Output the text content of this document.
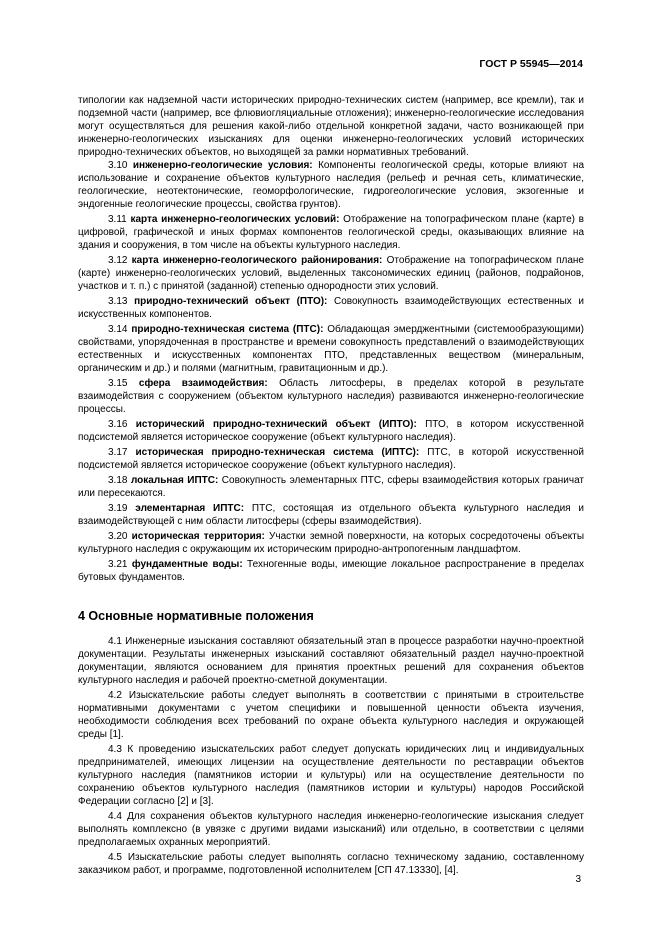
ГОСТ Р 55945—2014

типологии как надземной части исторических природно-технических систем (например, все кремли), так и подземной части (например, все флювиогляциальные отложения); инженерно-геологические исследования могут осуществляться для решения какой-либо отдельной конкретной задачи, часто возникающей при инженерно-геологических изысканиях для оценки инженерно-геологических условий исторических природно-технических объектов, но выходящей за рамки нормативных требований.

3.10 инженерно-геологические условия: Компоненты геологической среды, которые влияют на использование и сохранение объектов культурного наследия (рельеф и речная сеть, климатические, геологические, неотектонические, геоморфологические, гидрогеологические условия, экзогенные и эндогенные геологические процессы, свойства грунтов).

3.11 карта инженерно-геологических условий: Отображение на топографическом плане (карте) в цифровой, графической и иных формах компонентов геологической среды, оказывающих влияние на здания и сооружения, в том числе на объекты культурного наследия.

3.12 карта инженерно-геологического районирования: Отображение на топографическом плане (карте) инженерно-геологических условий, выделенных таксономических единиц (районов, подрайонов, участков и т. п.) с принятой (заданной) степенью однородности этих условий.

3.13 природно-технический объект (ПТО): Совокупность взаимодействующих естественных и искусственных компонентов.

3.14 природно-техническая система (ПТС): Обладающая эмерджентными (системообразующими) свойствами, упорядоченная в пространстве и времени совокупность представлений о взаимодействующих естественных и искусственных компонентах ПТО, представленных веществом (минеральным, органическим и др.) и полями (магнитным, гравитационным и др.).

3.15 сфера взаимодействия: Область литосферы, в пределах которой в результате взаимодействия с сооружением (объектом культурного наследия) развиваются инженерно-геологические процессы.

3.16 исторический природно-технический объект (ИПТО): ПТО, в котором искусственной подсистемой является историческое сооружение (объект культурного наследия).

3.17 историческая природно-техническая система (ИПТС): ПТС, в которой искусственной подсистемой является историческое сооружение (объект культурного наследия).

3.18 локальная ИПТС: Совокупность элементарных ПТС, сферы взаимодействия которых граничат или пересекаются.

3.19 элементарная ИПТС: ПТС, состоящая из отдельного объекта культурного наследия и взаимодействующей с ним области литосферы (сферы взаимодействия).

3.20 историческая территория: Участки земной поверхности, на которых сосредоточены объекты культурного наследия с окружающим их историческим природно-антропогенным ландшафтом.

3.21 фундаментные воды: Техногенные воды, имеющие локальное распространение в пределах бутовых фундаментов.

4 Основные нормативные положения

4.1 Инженерные изыскания составляют обязательный этап в процессе разработки научно-проектной документации. Результаты инженерных изысканий составляют обязательный раздел научно-проектной документации, являются основанием для принятия проектных решений для сохранения объектов культурного наследия и рабочей проектно-сметной документации.

4.2 Изыскательские работы следует выполнять в соответствии с принятыми в строительстве нормативными документами с учетом специфики и повышенной ценности объекта изучения, необходимости соблюдения всех требований по охране объекта культурного наследия и окружающей среды [1].

4.3 К проведению изыскательских работ следует допускать юридических лиц и индивидуальных предпринимателей, имеющих лицензии на осуществление деятельности по реставрации объектов культурного наследия (памятников истории и культуры) или на осуществление деятельности по сохранению объектов культурного наследия (памятников истории и культуры) народов Российской Федерации согласно [2] и [3].

4.4 Для сохранения объектов культурного наследия инженерно-геологические изыскания следует выполнять комплексно (в увязке с другими видами изысканий) или отдельно, в соответствии с целями предполагаемых охранных мероприятий.

4.5 Изыскательские работы следует выполнять согласно техническому заданию, составленному заказчиком работ, и программе, подготовленной исполнителем [СП 47.13330], [4].

3
